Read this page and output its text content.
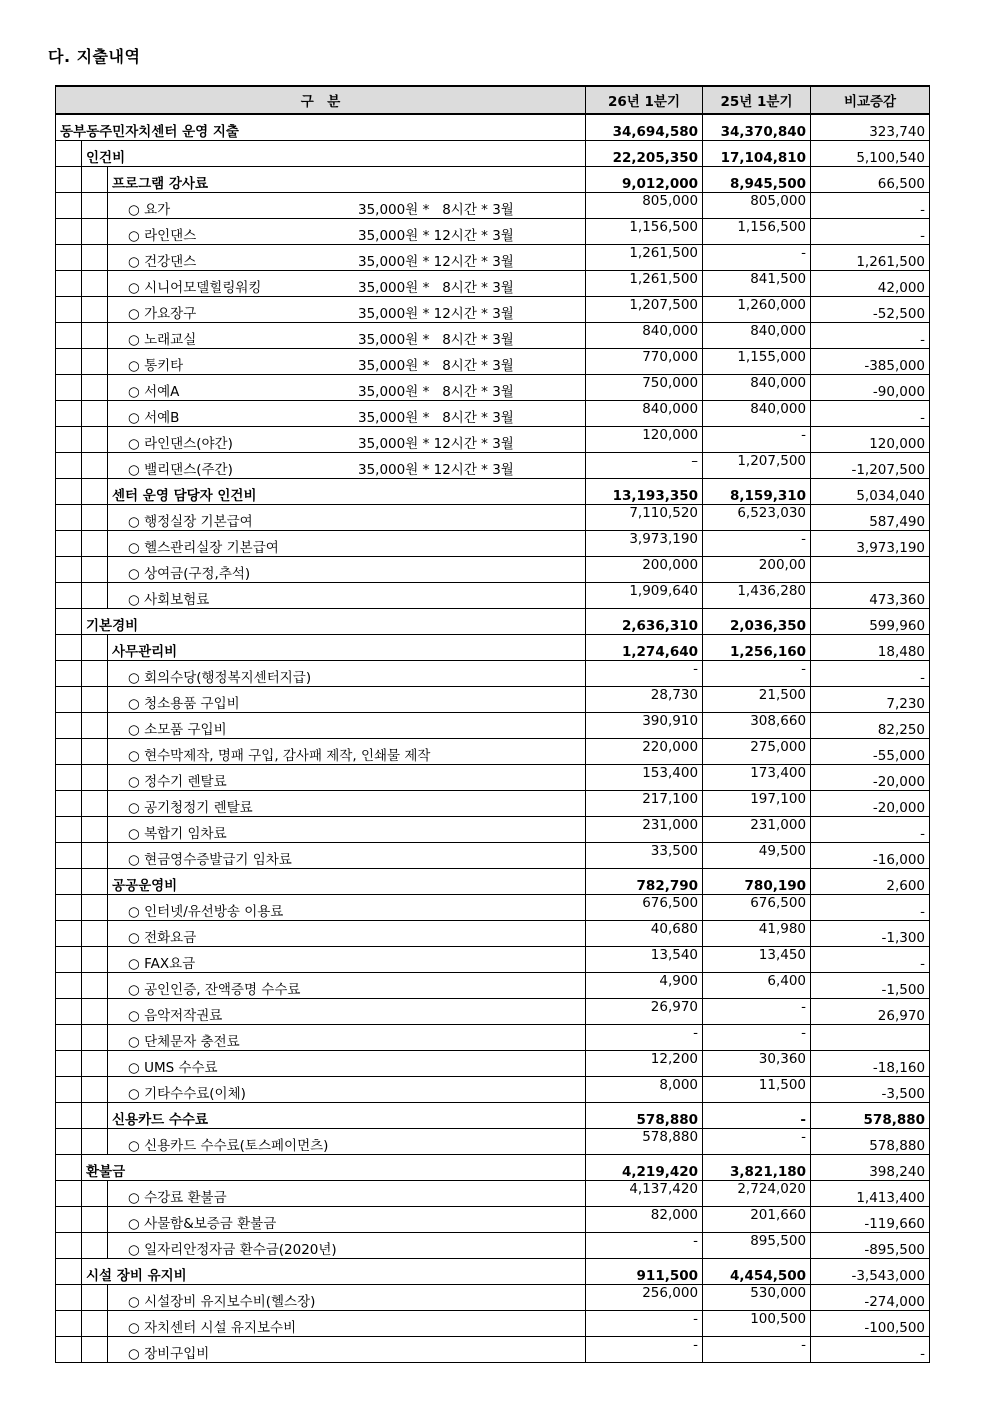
다. 지출내역
구　분			26년 1분기	25년 1분기	비교증감
동부동주민자치센터 운영 지출			34,694,580	34,370,840	323,740
	인건비		22,205,350	17,104,810	5,100,540
		프로그램 강사료	9,012,000	8,945,500	66,500
		○ 요가 35,000원 *   8시간 * 3월	805,000	805,000	-
		○ 라인댄스 35,000원 * 12시간 * 3월	1,156,500	1,156,500	-
		○ 건강댄스 35,000원 * 12시간 * 3월	1,261,500	-	1,261,500
		○ 시니어모델힐링워킹 35,000원 *   8시간 * 3월	1,261,500	841,500	42,000
		○ 가요장구 35,000원 * 12시간 * 3월	1,207,500	1,260,000	-52,500
		○ 노래교실 35,000원 *   8시간 * 3월	840,000	840,000	-
		○ 통키타 35,000원 *   8시간 * 3월	770,000	1,155,000	-385,000
		○ 서예A 35,000원 *   8시간 * 3월	750,000	840,000	-90,000
		○ 서예B 35,000원 *   8시간 * 3월	840,000	840,000	-
		○ 라인댄스(야간) 35,000원 * 12시간 * 3월	120,000	-	120,000
		○ 밸리댄스(주간) 35,000원 * 12시간 * 3월	–	1,207,500	-1,207,500
		센터 운영 담당자 인건비	13,193,350	8,159,310	5,034,040
		○ 행정실장 기본급여	7,110,520	6,523,030	587,490
		○ 헬스관리실장 기본급여	3,973,190	-	3,973,190
		○ 상여금(구정,추석)	200,000	200,00	
		○ 사회보험료	1,909,640	1,436,280	473,360
	기본경비		2,636,310	2,036,350	599,960
		사무관리비	1,274,640	1,256,160	18,480
		○ 회의수당(행정복지센터지급)	-	-	-
		○ 청소용품 구입비	28,730	21,500	7,230
		○ 소모품 구입비	390,910	308,660	82,250
		○ 현수막제작, 명패 구입, 감사패 제작, 인쇄물 제작	220,000	275,000	-55,000
		○ 정수기 렌탈료	153,400	173,400	-20,000
		○ 공기청정기 렌탈료	217,100	197,100	-20,000
		○ 복합기 임차료	231,000	231,000	-
		○ 현금영수증발급기 임차료	33,500	49,500	-16,000
		공공운영비	782,790	780,190	2,600
		○ 인터넷/유선방송 이용료	676,500	676,500	-
		○ 전화요금	40,680	41,980	-1,300
		○ FAX요금	13,540	13,450	-
		○ 공인인증, 잔액증명 수수료	4,900	6,400	-1,500
		○ 음악저작권료	26,970	-	26,970
		○ 단체문자 충전료	-	-	
		○ UMS 수수료	12,200	30,360	-18,160
		○ 기타수수료(이체)	8,000	11,500	-3,500
		신용카드 수수료	578,880	-	578,880
		○ 신용카드 수수료(토스페이먼츠)	578,880	-	578,880
	환불금		4,219,420	3,821,180	398,240
		○ 수강료 환불금	4,137,420	2,724,020	1,413,400
		○ 사물함&보증금 환불금	82,000	201,660	-119,660
		○ 일자리안정자금 환수금(2020년)	-	895,500	-895,500
	시설 장비 유지비		911,500	4,454,500	-3,543,000
		○ 시설장비 유지보수비(헬스장)	256,000	530,000	-274,000
		○ 자치센터 시설 유지보수비	-	100,500	-100,500
		○ 장비구입비	-	-	-
